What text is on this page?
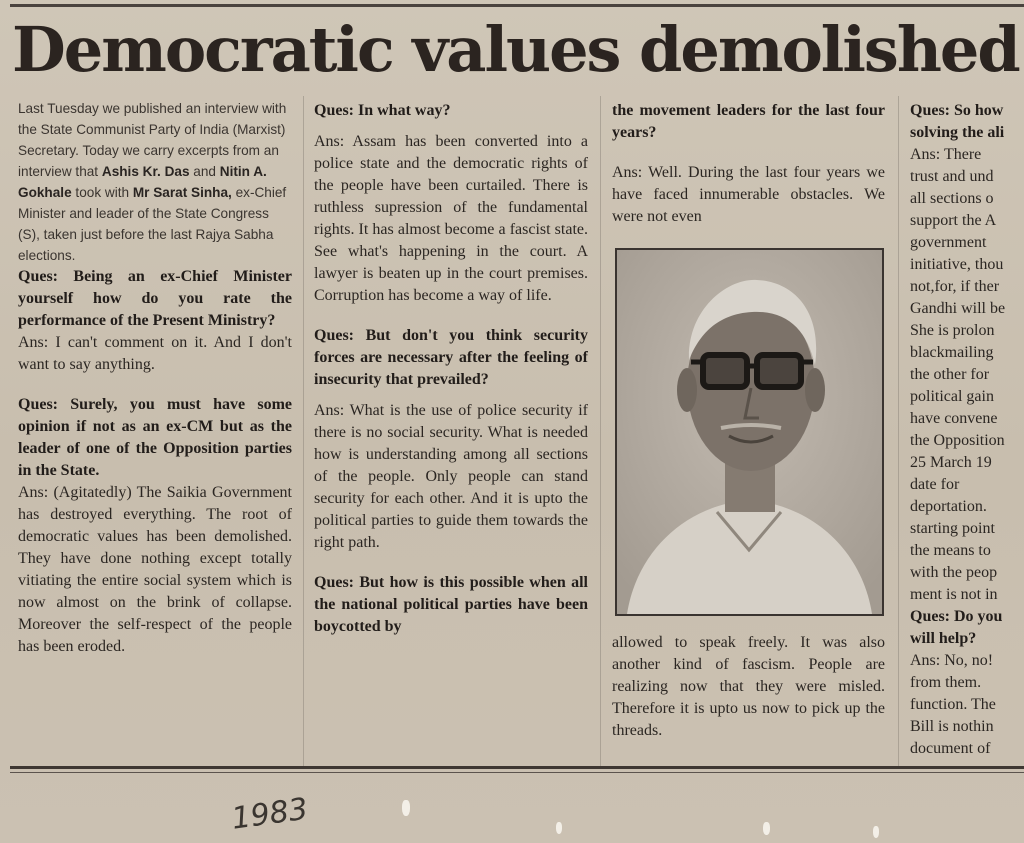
Democratic values demolished

Last Tuesday we published an interview with the State Communist Party of India (Marxist) Secretary. Today we carry excerpts from an interview that Ashis Kr. Das and Nitin A. Gokhale took with Mr Sarat Sinha, ex-Chief Minister and leader of the State Congress (S), taken just before the last Rajya Sabha elections.

Ques: Being an ex-Chief Minister yourself how do you rate the performance of the Present Ministry?

Ans: I can't comment on it. And I don't want to say anything.

Ques: Surely, you must have some opinion if not as an ex-CM but as the leader of one of the Opposition parties in the State.

Ans: (Agitatedly) The Saikia Government has destroyed everything. The root of democratic values has been demolished. They have done nothing except totally vitiating the entire social system which is now almost on the brink of collapse. Moreover the self-respect of the people has been eroded.

Ques: In what way?

Ans: Assam has been converted into a police state and the democratic rights of the people have been curtailed. There is ruthless supression of the fundamental rights. It has almost become a fascist state. See what's happening in the court. A lawyer is beaten up in the court premises. Corruption has become a way of life.

Ques: But don't you think security forces are necessary after the feeling of insecurity that prevailed?

Ans: What is the use of police security if there is no social security. What is needed how is understanding among all sections of the people. Only people can stand security for each other. And it is upto the political parties to guide them towards the right path.

Ques: But how is this possible when all the national political parties have been boycotted by

the movement leaders for the last four years?

Ans: Well. During the last four years we have faced innumerable obstacles. We were not even

allowed to speak freely. It was also another kind of fascism. People are realizing now that they were misled. Therefore it is upto us now to pick up the threads.

Ques: So how

solving the ali

Ans: There

trust and und

all sections o

support the A

government

initiative, thou

not,for, if ther

Gandhi will be

She is prolon

blackmailing

the other for

political gain

have convene

the Opposition

25 March 19

date for

deportation.

starting point

the means to

with the peop

ment is not in

Ques: Do you

will help?

Ans: No, no!

from them.

function. The

Bill is nothin

document of

1983
